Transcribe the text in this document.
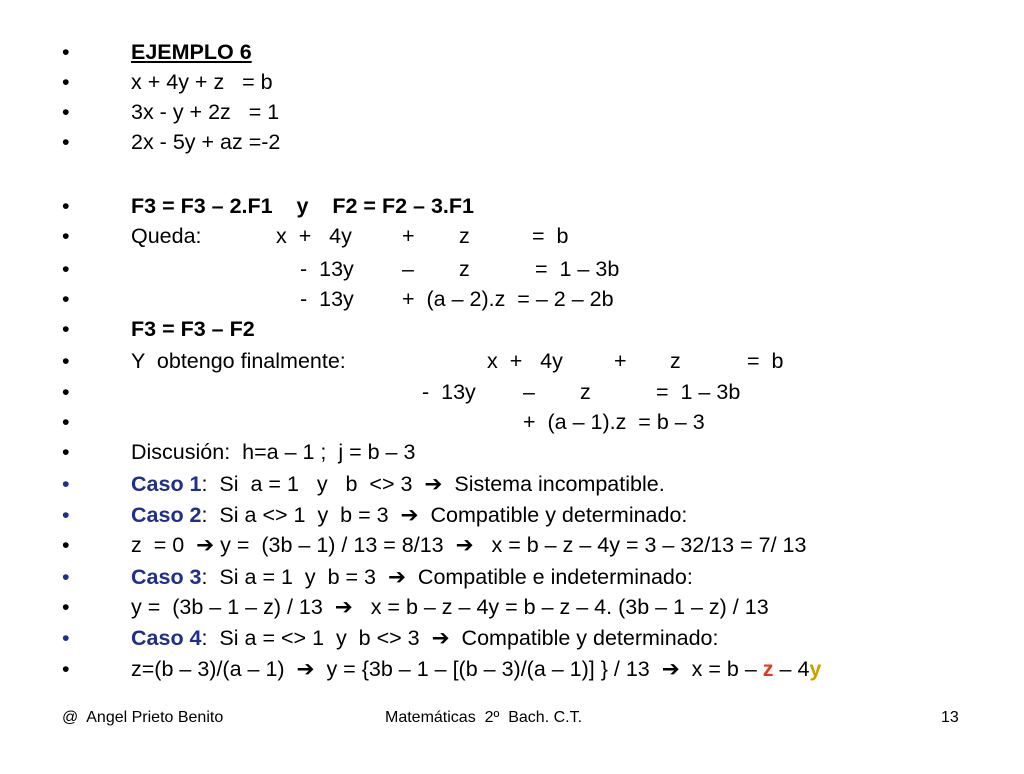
•

	EJEMPLO 6

•

	x + 4y + z   = b

•

	3x - y + 2z   = 1

•

	2x - 5y + az =-2

•

	F3 = F3 – 2.F1    y    F2 = F2 – 3.F1

•

	Queda:

	x  +   4y

+

z

	=  b

•

	-  13y

–

z

	=  1 – 3b

•

	-  13y

+  (a – 2).z  = – 2 – 2b

•

	F3 = F3 – F2

•

	Y  obtengo finalmente:

	x  +   4y

+

z

	=  b

•

	-  13y

–

z

	=  1 – 3b

•

	+  (a – 1).z  = b – 3

•

	Discusión:  h=a – 1 ;  j = b – 3

•

	Caso 1:  Si  a = 1   y   b  <> 3  ➔  Sistema incompatible.

•

	Caso 2:  Si a <> 1  y  b = 3  ➔  Compatible y determinado:

•

	z  = 0  ➔ y =  (3b – 1) / 13 = 8/13  ➔   x = b – z – 4y = 3 – 32/13 = 7/ 13

•

	Caso 3:  Si a = 1  y  b = 3  ➔  Compatible e indeterminado:

•

	y =  (3b – 1 – z) / 13  ➔   x = b – z – 4y = b – z – 4. (3b – 1 – z) / 13

•

	Caso 4:  Si a = <> 1  y  b <> 3  ➔  Compatible y determinado:

•

	z=(b – 3)/(a – 1)  ➔  y = {3b – 1 – [(b – 3)/(a – 1)] } / 13  ➔  x = b – z – 4y

@  Angel Prieto Benito	Matemáticas  2º  Bach. C.T.	13
